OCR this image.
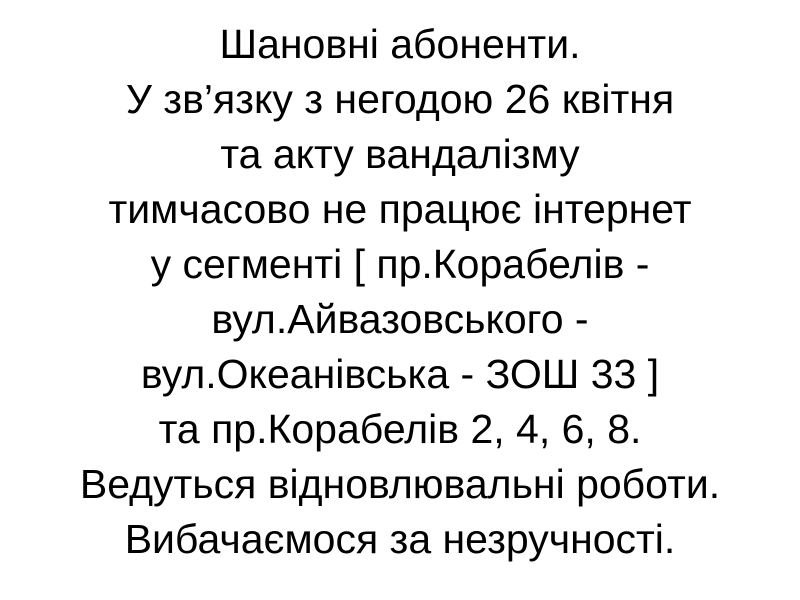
Шановні абоненти.
У зв’язку з негодою 26 квітня
та акту вандалізму
тимчасово не працює інтернет
у сегменті [ пр.Корабелів -
вул.Айвазовського -
вул.Океанівська - ЗОШ 33 ]
та пр.Корабелів 2, 4, 6, 8.
Ведуться відновлювальні роботи.
Вибачаємося за незручності.
